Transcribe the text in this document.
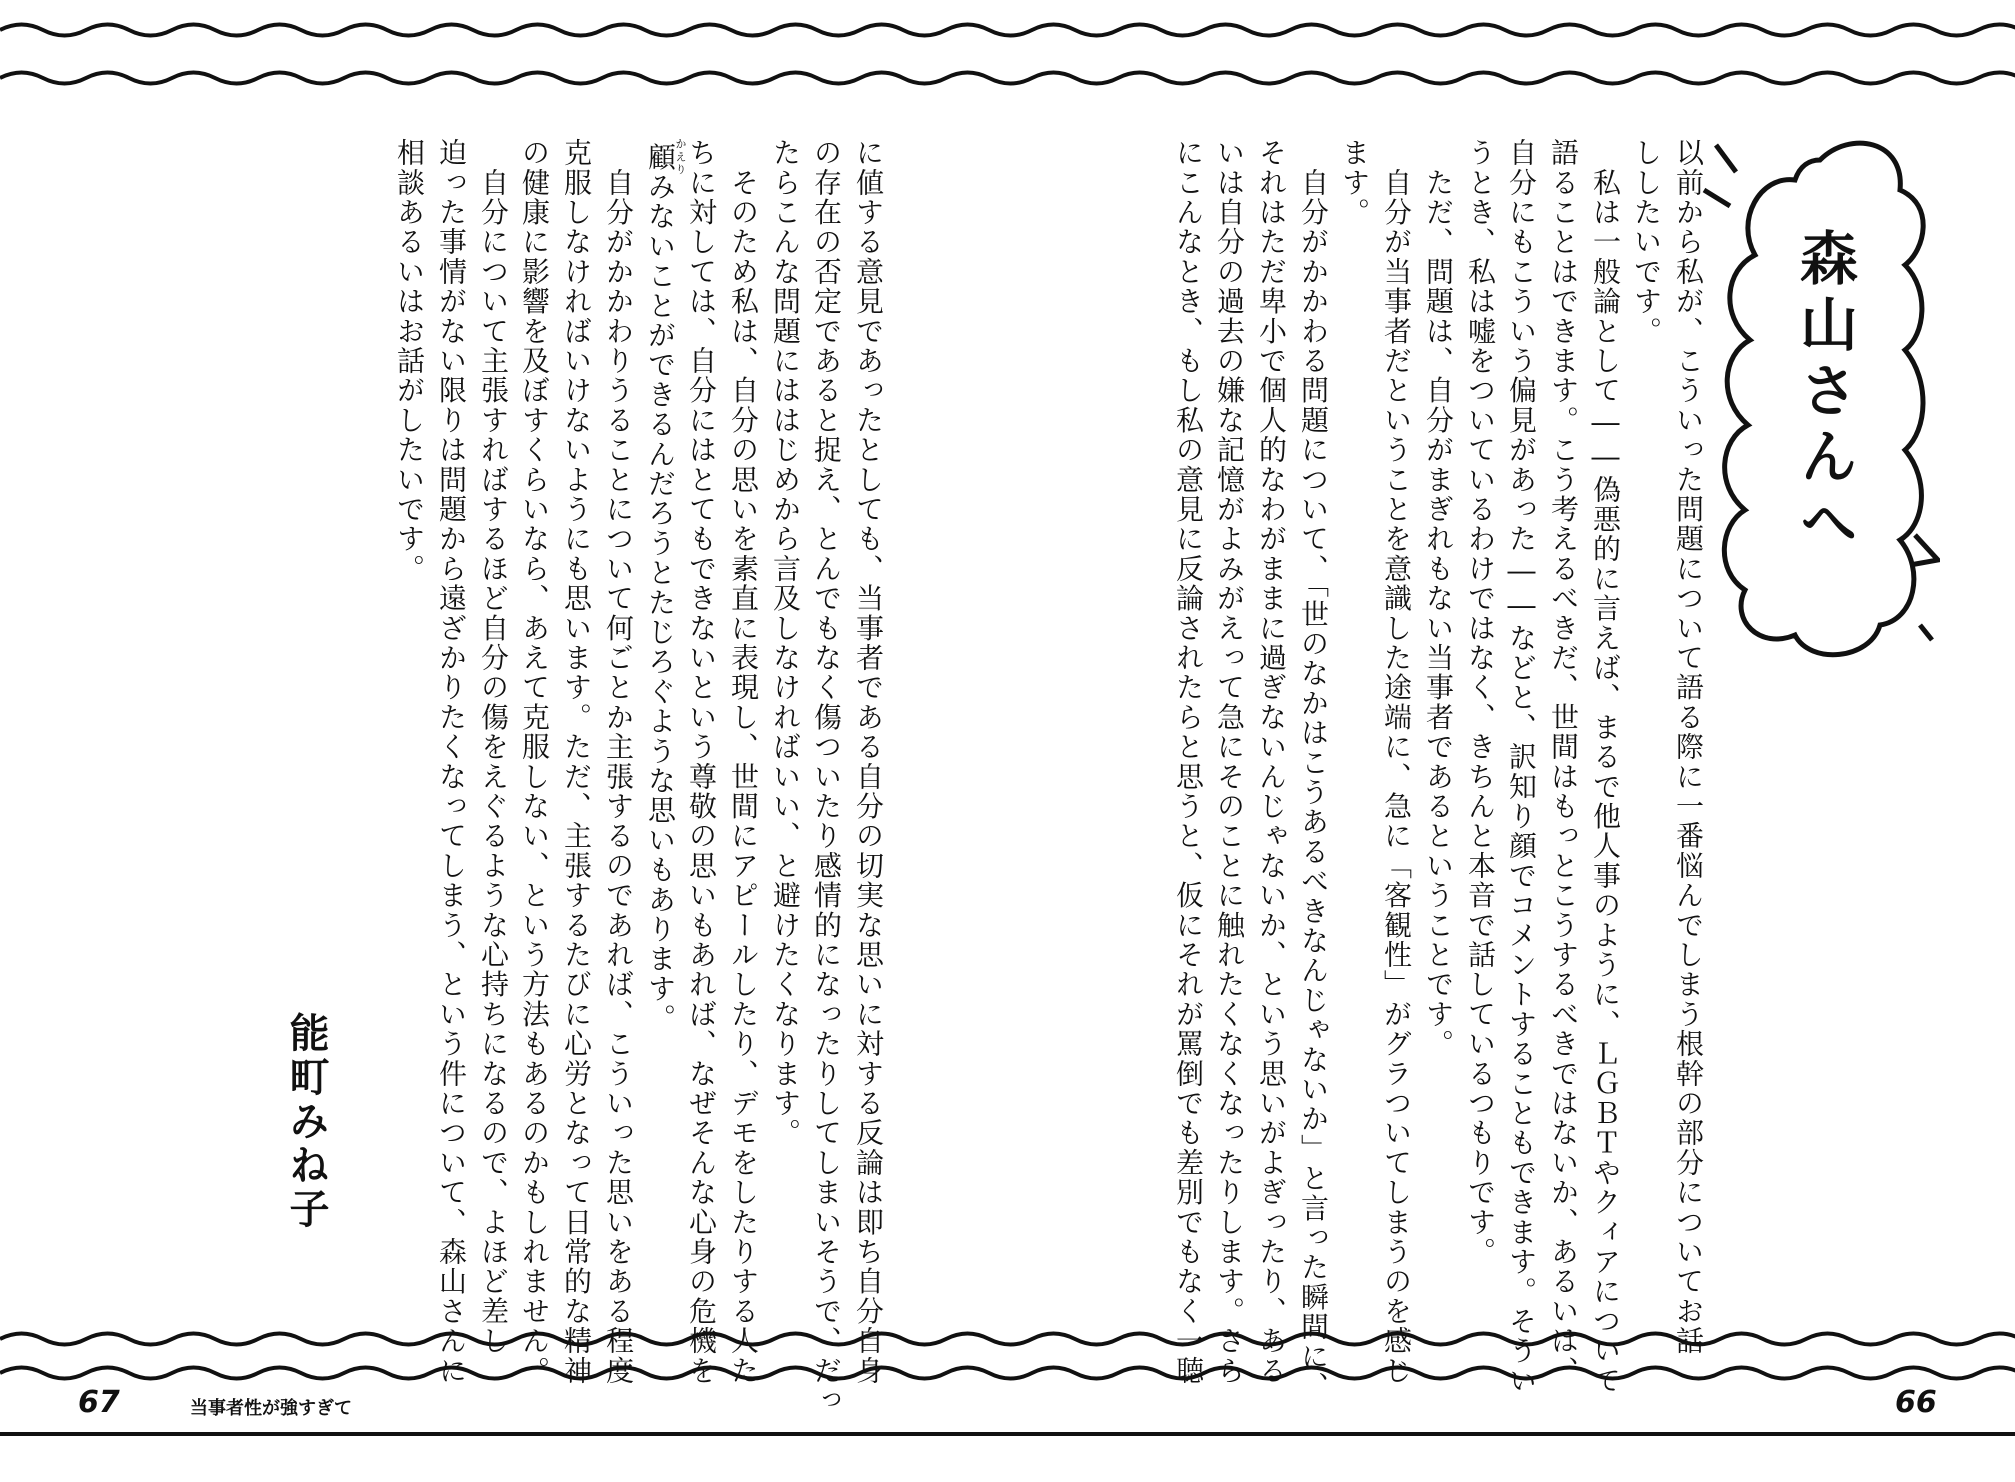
森山さんへ
以前から私が、こういった問題について語る際に一番悩んでしまう根幹の部分についてお話
ししたいです。
　私は一般論として――偽悪的に言えば、まるで他人事のように、ＬＧＢＴやクィアについて
語ることはできます。こう考えるべきだ、世間はもっとこうするべきではないか、あるいは、
自分にもこういう偏見があった――などと、訳知り顔でコメントすることもできます。そうい
うとき、私は嘘をついているわけではなく、きちんと本音で話しているつもりです。
　ただ、問題は、自分がまぎれもない当事者であるということです。
　自分が当事者だということを意識した途端に、急に「客観性」がグラついてしまうのを感じ
ます。
　自分がかかわる問題について、「世のなかはこうあるべきなんじゃないか」と言った瞬間に、
それはただ卑小で個人的なわがままに過ぎないんじゃないか、という思いがよぎったり、ある
いは自分の過去の嫌な記憶がよみがえって急にそのことに触れたくなくなったりします。さら
にこんなとき、もし私の意見に反論されたらと思うと、仮にそれが罵倒でも差別でもなく一聴
に値する意見であったとしても、当事者である自分の切実な思いに対する反論は即ち自分自身
の存在の否定であると捉え、とんでもなく傷ついたり感情的になったりしてしまいそうで、だっ
たらこんな問題にははじめから言及しなければいい、と避けたくなります。
　そのため私は、自分の思いを素直に表現し、世間にアピールしたり、デモをしたりする人た
ちに対しては、自分にはとてもできないという尊敬の思いもあれば、なぜそんな心身の危機を
顧かえりみないことができるんだろうとたじろぐような思いもあります。
　自分がかかわりうることについて何ごとか主張するのであれば、こういった思いをある程度
克服しなければいけないようにも思います。ただ、主張するたびに心労となって日常的な精神
の健康に影響を及ぼすくらいなら、あえて克服しない、という方法もあるのかもしれません。
　自分について主張すればするほど自分の傷をえぐるような心持ちになるので、よほど差し
迫った事情がない限りは問題から遠ざかりたくなってしまう、という件について、森山さんに
相談あるいはお話がしたいです。
能町みね子
67	当事者性が強すぎて	66
